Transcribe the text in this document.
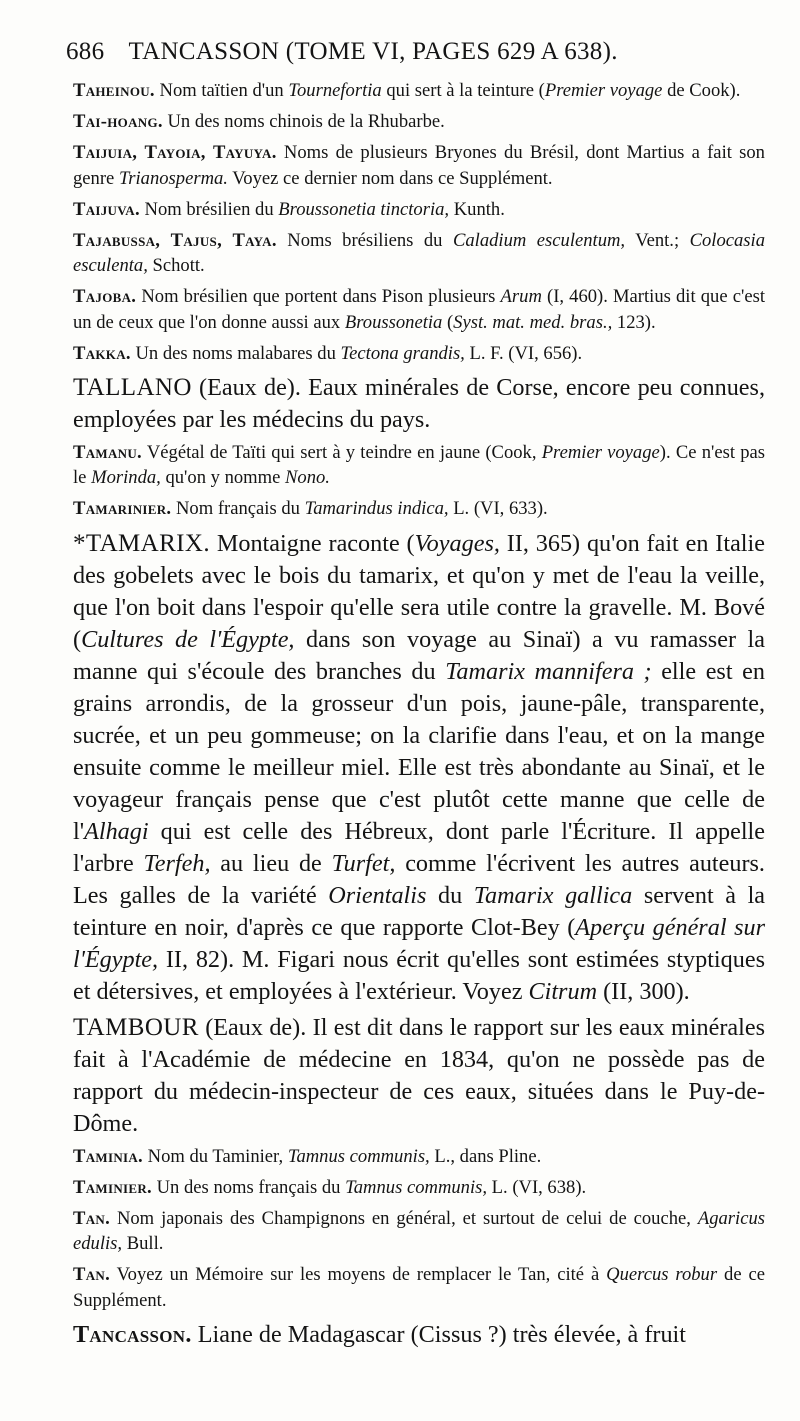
686 TANCASSON (TOME VI, PAGES 629 A 638).

Taheinou. Nom taïtien d'un Tournefortia qui sert à la teinture (Premier voyage de Cook).

Tai-hoang. Un des noms chinois de la Rhubarbe.

Taijuia, Tayoia, Tayuya. Noms de plusieurs Bryones du Brésil, dont Martius a fait son genre Trianosperma. Voyez ce dernier nom dans ce Supplément.

Taijuva. Nom brésilien du Broussonetia tinctoria, Kunth.

Tajabussa, Tajus, Taya. Noms brésiliens du Caladium esculentum, Vent.; Colocasia esculenta, Schott.

Tajoba. Nom brésilien que portent dans Pison plusieurs Arum (I, 460). Martius dit que c'est un de ceux que l'on donne aussi aux Broussonetia (Syst. mat. med. bras., 123).

Takka. Un des noms malabares du Tectona grandis, L. F. (VI, 656).

TALLANO (Eaux de). Eaux minérales de Corse, encore peu connues, employées par les médecins du pays.

Tamanu. Végétal de Taïti qui sert à y teindre en jaune (Cook, Premier voyage). Ce n'est pas le Morinda, qu'on y nomme Nono.

Tamarinier. Nom français du Tamarindus indica, L. (VI, 633).

*TAMARIX. Montaigne raconte (Voyages, II, 365) qu'on fait en Italie des gobelets avec le bois du tamarix, et qu'on y met de l'eau la veille, que l'on boit dans l'espoir qu'elle sera utile contre la gravelle. M. Bové (Cultures de l'Égypte, dans son voyage au Sinaï) a vu ramasser la manne qui s'écoule des branches du Tamarix mannifera ; elle est en grains arrondis, de la grosseur d'un pois, jaune-pâle, transparente, sucrée, et un peu gommeuse; on la clarifie dans l'eau, et on la mange ensuite comme le meilleur miel. Elle est très abondante au Sinaï, et le voyageur français pense que c'est plutôt cette manne que celle de l'Alhagi qui est celle des Hébreux, dont parle l'Écriture. Il appelle l'arbre Terfeh, au lieu de Turfet, comme l'écrivent les autres auteurs. Les galles de la variété Orientalis du Tamarix gallica servent à la teinture en noir, d'après ce que rapporte Clot-Bey (Aperçu général sur l'Égypte, II, 82). M. Figari nous écrit qu'elles sont estimées styptiques et détersives, et employées à l'extérieur. Voyez Citrum (II, 300).

TAMBOUR (Eaux de). Il est dit dans le rapport sur les eaux minérales fait à l'Académie de médecine en 1834, qu'on ne possède pas de rapport du médecin-inspecteur de ces eaux, situées dans le Puy-de-Dôme.

Taminia. Nom du Taminier, Tamnus communis, L., dans Pline.

Taminier. Un des noms français du Tamnus communis, L. (VI, 638).

Tan. Nom japonais des Champignons en général, et surtout de celui de couche, Agaricus edulis, Bull.

Tan. Voyez un Mémoire sur les moyens de remplacer le Tan, cité à Quercus robur de ce Supplément.

Tancasson. Liane de Madagascar (Cissus ?) très élevée, à fruit
